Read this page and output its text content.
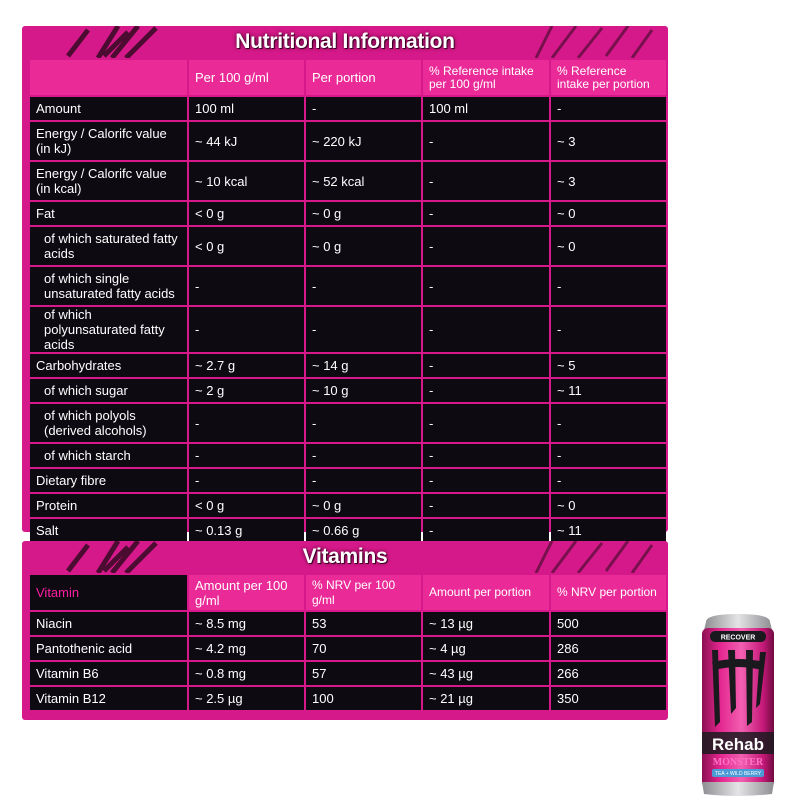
Nutritional Information
	Per 100 g/ml	Per portion	% Reference intake per 100 g/ml	% Reference intake per portion
Amount	100 ml	-	100 ml	-
Energy / Calorifc value (in kJ)	~ 44 kJ	~ 220 kJ	-	~ 3
Energy / Calorifc value (in kcal)	~ 10 kcal	~ 52 kcal	-	~ 3
Fat	< 0 g	~ 0 g	-	~ 0
of which saturated fatty acids	< 0 g	~ 0 g	-	~ 0
of which single unsaturated fatty acids	-	-	-	-
of which polyunsaturated fatty acids	-	-	-	-
Carbohydrates	~ 2.7 g	~ 14 g	-	~ 5
of which sugar	~ 2 g	~ 10 g	-	~ 11
of which polyols (derived alcohols)	-	-	-	-
of which starch	-	-	-	-
Dietary fibre	-	-	-	-
Protein	< 0 g	~ 0 g	-	~ 0
Salt	~ 0.13 g	~ 0.66 g	-	~ 11
Vitamins
Vitamin	Amount per 100 g/ml	% NRV per 100 g/ml	Amount per portion	% NRV per portion
Niacin	~ 8.5 mg	53	~ 13 µg	500
Pantothenic acid	~ 4.2 mg	70	~ 4 µg	286
Vitamin B6	~ 0.8 mg	57	~ 43 µg	266
Vitamin B12	~ 2.5 µg	100	~ 21 µg	350
RECOVER
Rehab
MONSTER
TEA + WILD BERRY
